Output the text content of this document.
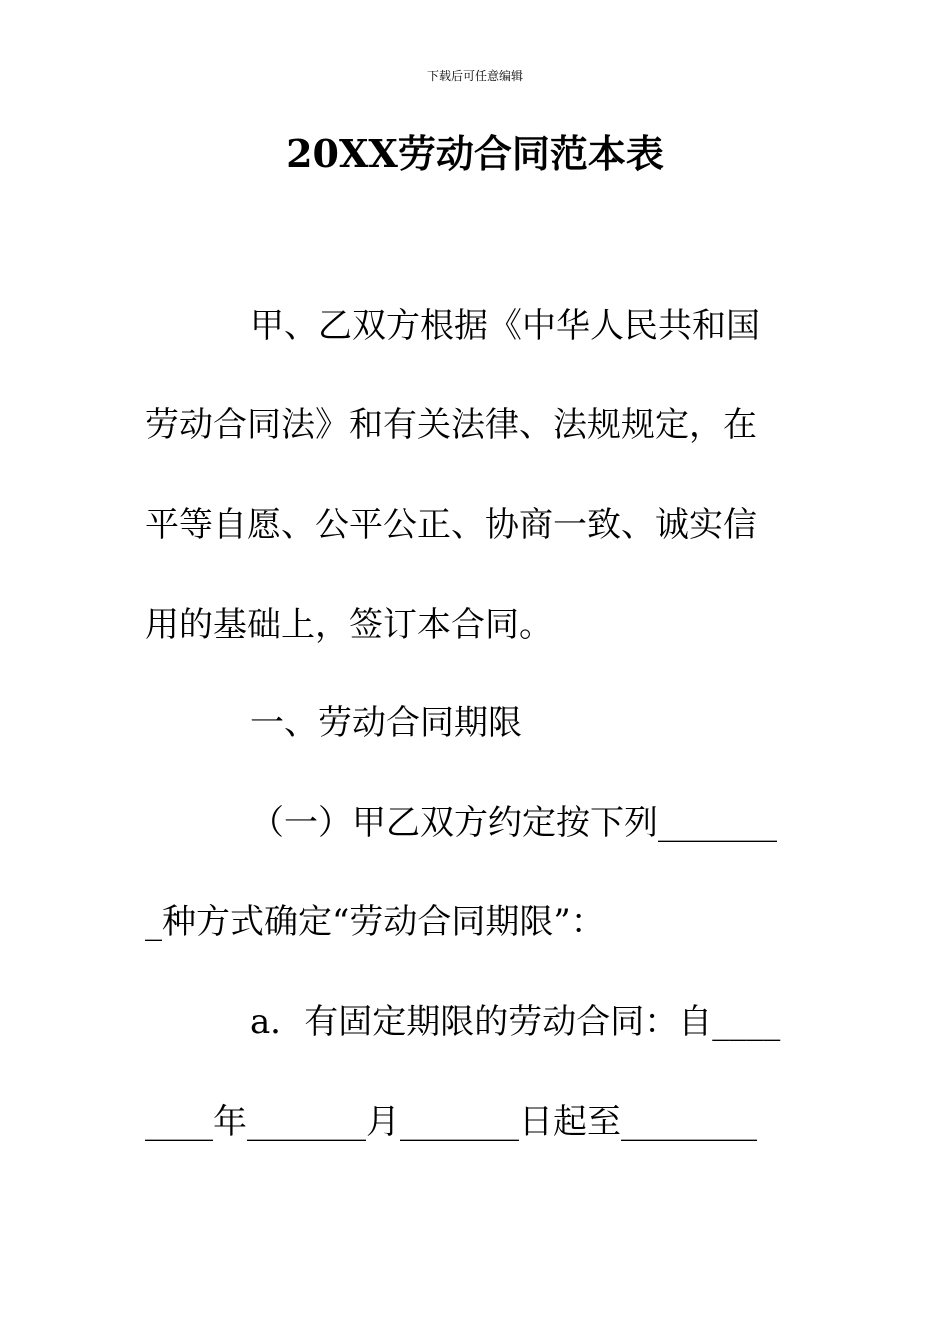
下载后可任意编辑
20XX劳动合同范本表
甲、乙双方根据《中华人民共和国
劳动合同法》和有关法律、法规规定，在
平等自愿、公平公正、协商一致、诚实信
用的基础上，签订本合同。
一、劳动合同期限
（一）甲乙双方约定按下列_______
_种方式确定“劳动合同期限”：
a．有固定期限的劳动合同：自____
____年_______月_______日起至________
